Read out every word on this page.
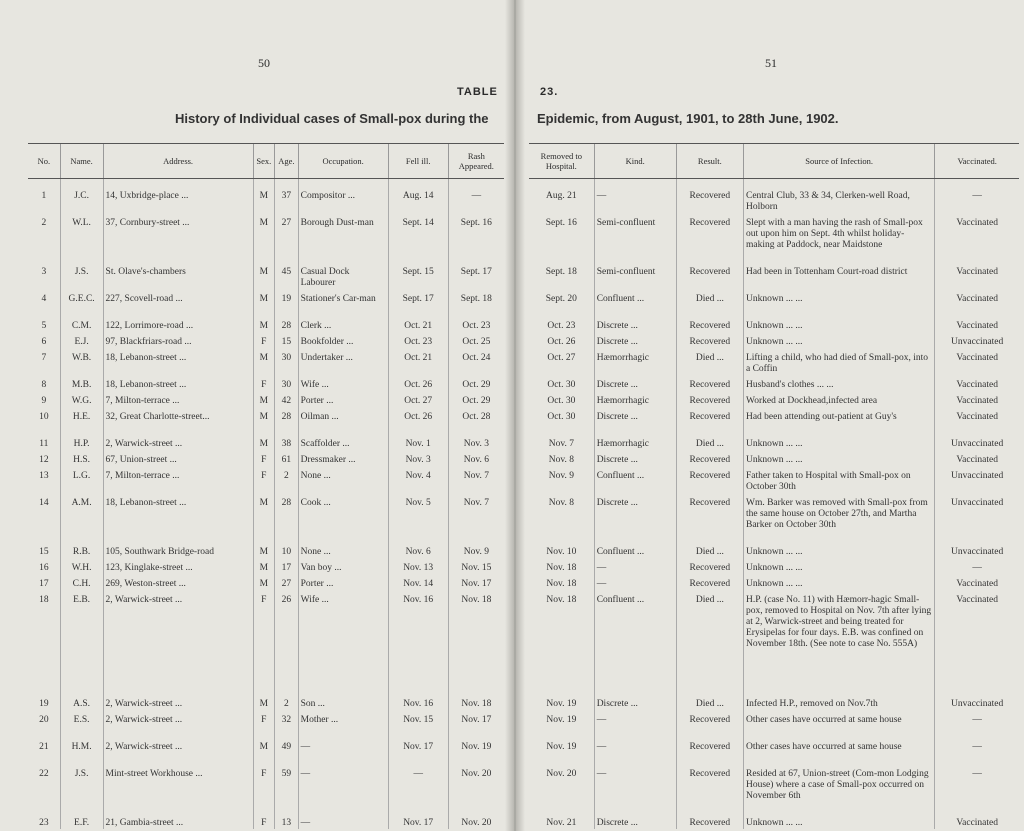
50
TABLE
History of Individual cases of Small-pox during the
No.	Name.	Address.	Sex.	Age.	Occupation.	Fell ill.	Rash Appeared.
1	J.C.	14, Uxbridge-place ...	M	37	Compositor ...	Aug. 14	—
2	W.L.	37, Cornbury-street ...	M	27	Borough Dust-man	Sept. 14	Sept. 16
3	J.S.	St. Olave's-chambers	M	45	Casual Dock Labourer	Sept. 15	Sept. 17
4	G.E.C.	227, Scovell-road ...	M	19	Stationer's Car-man	Sept. 17	Sept. 18
5	C.M.	122, Lorrimore-road ...	M	28	Clerk ...	Oct. 21	Oct. 23
6	E.J.	97, Blackfriars-road ...	F	15	Bookfolder ...	Oct. 23	Oct. 25
7	W.B.	18, Lebanon-street ...	M	30	Undertaker ...	Oct. 21	Oct. 24
8	M.B.	18, Lebanon-street ...	F	30	Wife ...	Oct. 26	Oct. 29
9	W.G.	7, Milton-terrace ...	M	42	Porter ...	Oct. 27	Oct. 29
10	H.E.	32, Great Charlotte-street...	M	28	Oilman ...	Oct. 26	Oct. 28
11	H.P.	2, Warwick-street ...	M	38	Scaffolder ...	Nov. 1	Nov. 3
12	H.S.	67, Union-street ...	F	61	Dressmaker ...	Nov. 3	Nov. 6
13	L.G.	7, Milton-terrace ...	F	2	None ...	Nov. 4	Nov. 7
14	A.M.	18, Lebanon-street ...	M	28	Cook ...	Nov. 5	Nov. 7
15	R.B.	105, Southwark Bridge-road	M	10	None ...	Nov. 6	Nov. 9
16	W.H.	123, Kinglake-street ...	M	17	Van boy ...	Nov. 13	Nov. 15
17	C.H.	269, Weston-street ...	M	27	Porter ...	Nov. 14	Nov. 17
18	E.B.	2, Warwick-street ...	F	26	Wife ...	Nov. 16	Nov. 18
19	A.S.	2, Warwick-street ...	M	2	Son ...	Nov. 16	Nov. 18
20	E.S.	2, Warwick-street ...	F	32	Mother ...	Nov. 15	Nov. 17
21	H.M.	2, Warwick-street ...	M	49	—	Nov. 17	Nov. 19
22	J.S.	Mint-street Workhouse ...	F	59	—	—	Nov. 20
23	E.F.	21, Gambia-street ...	F	13	—	Nov. 17	Nov. 20
51
23.
Epidemic, from August, 1901, to 28th June, 1902.
Removed to Hospital.	Kind.	Result.	Source of Infection.	Vaccinated.
Aug. 21	—	Recovered	Central Club, 33 & 34, Clerken-well Road, Holborn	—
Sept. 16	Semi-confluent	Recovered	Slept with a man having the rash of Small-pox out upon him on Sept. 4th whilst holiday-making at Paddock, near Maidstone	Vaccinated
Sept. 18	Semi-confluent	Recovered	Had been in Tottenham Court-road district	Vaccinated
Sept. 20	Confluent ...	Died ...	Unknown ... ...	Vaccinated
Oct. 23	Discrete ...	Recovered	Unknown ... ...	Vaccinated
Oct. 26	Discrete ...	Recovered	Unknown ... ...	Unvaccinated
Oct. 27	Hæmorrhagic	Died ...	Lifting a child, who had died of Small-pox, into a Coffin	Vaccinated
Oct. 30	Discrete ...	Recovered	Husband's clothes ... ...	Vaccinated
Oct. 30	Hæmorrhagic	Recovered	Worked at Dockhead,infected area	Vaccinated
Oct. 30	Discrete ...	Recovered	Had been attending out-patient at Guy's	Vaccinated
Nov. 7	Hæmorrhagic	Died ...	Unknown ... ...	Unvaccinated
Nov. 8	Discrete ...	Recovered	Unknown ... ...	Vaccinated
Nov. 9	Confluent ...	Recovered	Father taken to Hospital with Small-pox on October 30th	Unvaccinated
Nov. 8	Discrete ...	Recovered	Wm. Barker was removed with Small-pox from the same house on October 27th, and Martha Barker on October 30th	Unvaccinated
Nov. 10	Confluent ...	Died ...	Unknown ... ...	Unvaccinated
Nov. 18	—	Recovered	Unknown ... ...	—
Nov. 18	—	Recovered	Unknown ... ...	Vaccinated
Nov. 18	Confluent ...	Died ...	H.P. (case No. 11) with Hæmorr-hagic Small-pox, removed to Hospital on Nov. 7th after lying at 2, Warwick-street and being treated for Erysipelas for four days. E.B. was confined on November 18th. (See note to case No. 555A)	Vaccinated
Nov. 19	Discrete ...	Died ...	Infected H.P., removed on Nov.7th	Unvaccinated
Nov. 19	—	Recovered	Other cases have occurred at same house	—
Nov. 19	—	Recovered	Other cases have occurred at same house	—
Nov. 20	—	Recovered	Resided at 67, Union-street (Com-mon Lodging House) where a case of Small-pox occurred on November 6th	—
Nov. 21	Discrete ...	Recovered	Unknown ... ...	Vaccinated
